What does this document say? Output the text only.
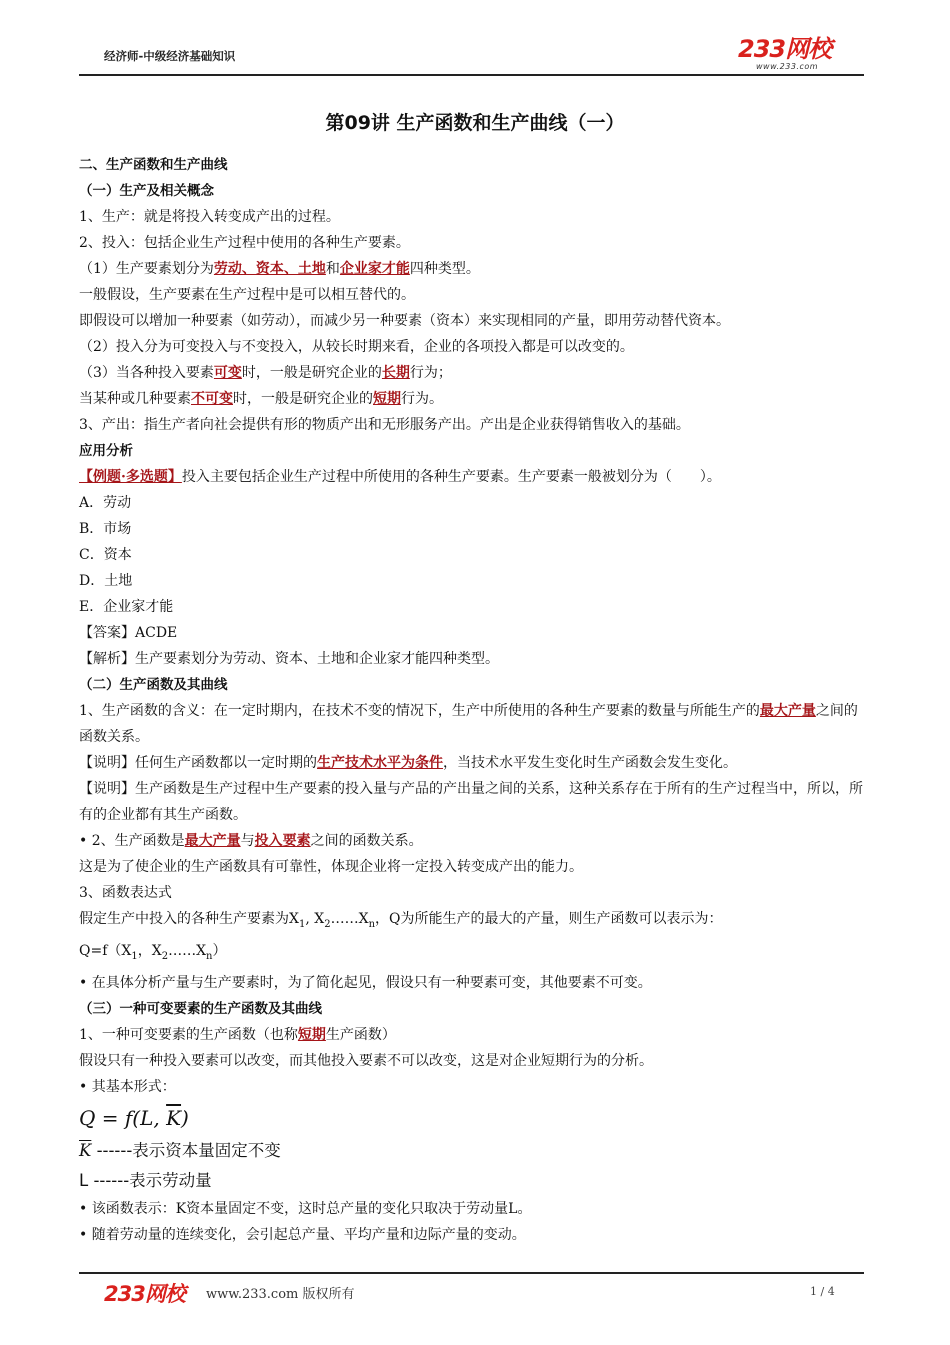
经济师-中级经济基础知识	233网校
www.233.com
第09讲 生产函数和生产曲线（一）
二、生产函数和生产曲线
（一）生产及相关概念
1、生产：就是将投入转变成产出的过程。
2、投入：包括企业生产过程中使用的各种生产要素。
（1）生产要素划分为劳动、资本、土地和企业家才能四种类型。
一般假设，生产要素在生产过程中是可以相互替代的。
即假设可以增加一种要素（如劳动），而减少另一种要素（资本）来实现相同的产量，即用劳动替代资本。
（2）投入分为可变投入与不变投入，从较长时期来看，企业的各项投入都是可以改变的。
（3）当各种投入要素可变时，一般是研究企业的长期行为；
当某种或几种要素不可变时，一般是研究企业的短期行为。
3、产出：指生产者向社会提供有形的物质产出和无形服务产出。产出是企业获得销售收入的基础。
应用分析
【例题·多选题】投入主要包括企业生产过程中所使用的各种生产要素。生产要素一般被划分为（　　）。
A．劳动
B．市场
C．资本
D．土地
E．企业家才能
【答案】ACDE
【解析】生产要素划分为劳动、资本、土地和企业家才能四种类型。
（二）生产函数及其曲线
1、生产函数的含义：在一定时期内，在技术不变的情况下，生产中所使用的各种生产要素的数量与所能生产的最大产量之间的函数关系。
【说明】任何生产函数都以一定时期的生产技术水平为条件，当技术水平发生变化时生产函数会发生变化。
【说明】生产函数是生产过程中生产要素的投入量与产品的产出量之间的关系，这种关系存在于所有的生产过程当中，所以，所有的企业都有其生产函数。
• 2、生产函数是最大产量与投入要素之间的函数关系。
这是为了使企业的生产函数具有可靠性，体现企业将一定投入转变成产出的能力。
3、函数表达式
假定生产中投入的各种生产要素为$X_1$, $X_2\dots\dots X_n$，Q为所能生产的最大的产量，则生产函数可以表示为：
$Q=f(X_1$，$X_2\dots\dots X_n$）
• 在具体分析产量与生产要素时，为了简化起见，假设只有一种要素可变，其他要素不可变。
（三）一种可变要素的生产函数及其曲线
1、一种可变要素的生产函数（也称短期生产函数）
假设只有一种投入要素可以改变，而其他投入要素不可以改变，这是对企业短期行为的分析。
• 其基本形式：
Q = f(L, $\overline{K}$)
$\overline{K}$ ------表示资本量固定不变
L ------表示劳动量
• 该函数表示：K资本量固定不变，这时总产量的变化只取决于劳动量L。
• 随着劳动量的连续变化，会引起总产量、平均产量和边际产量的变动。
233网校 www.233.com 版权所有	1 / 4
